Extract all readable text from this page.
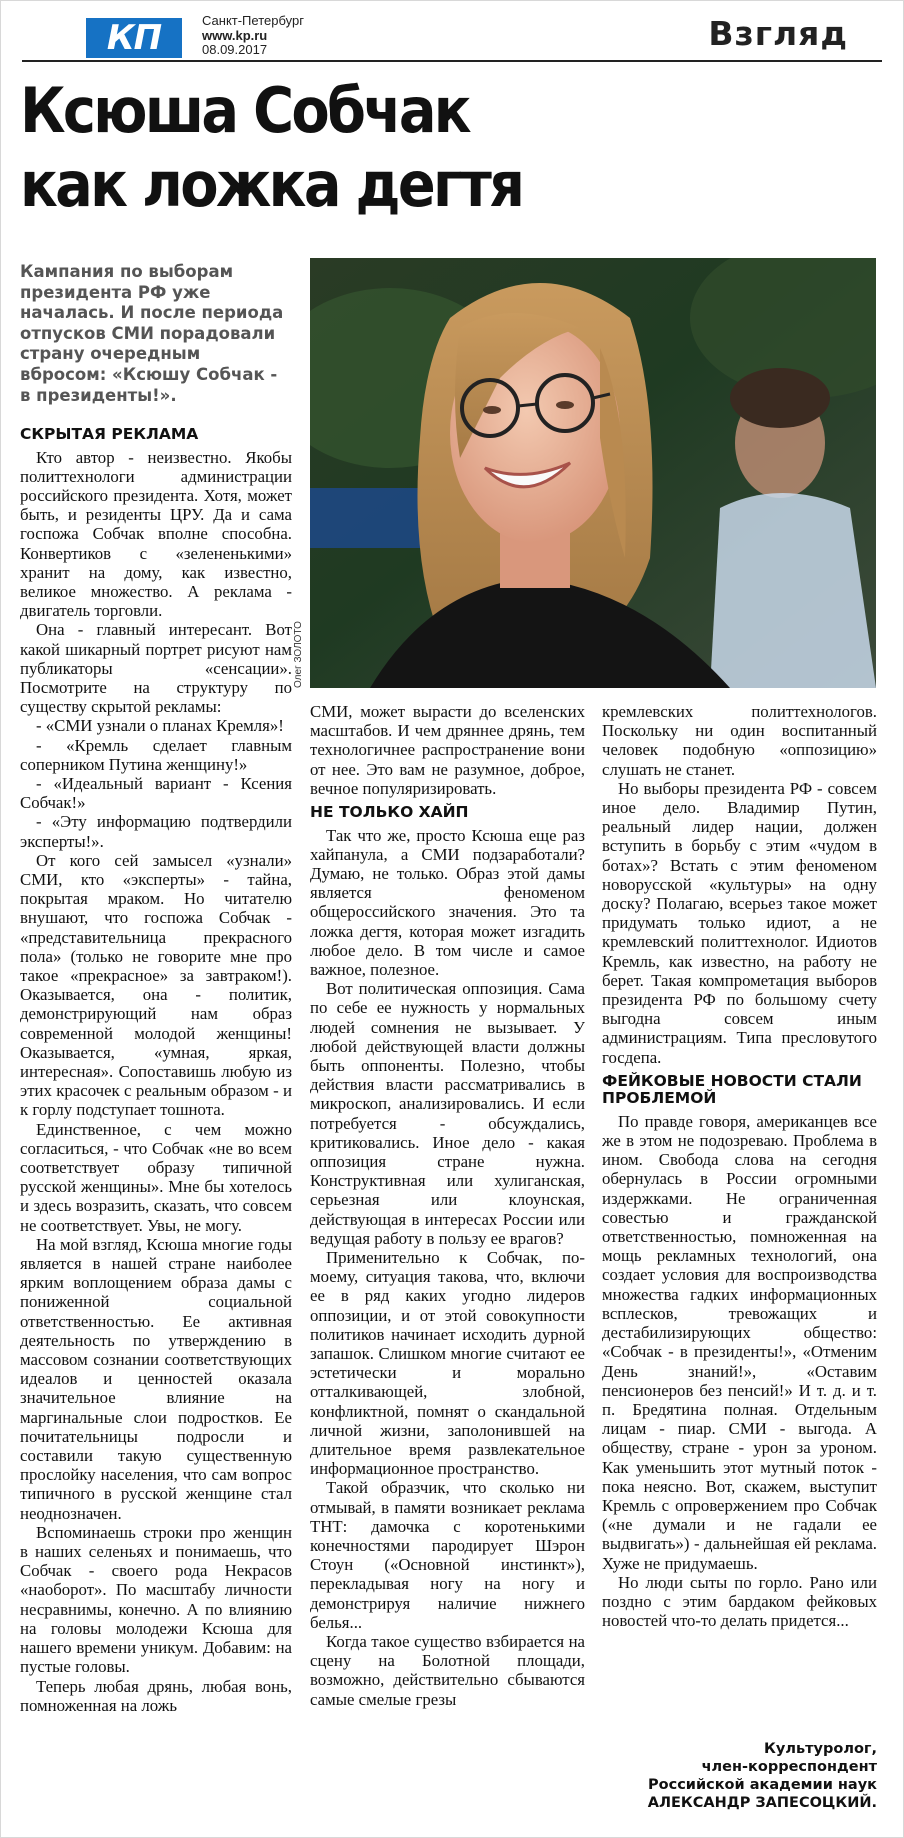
КП	Санкт-Петербург
www.kp.ru
08.09.2017	Взгляд
Ксюша Собчак
как ложка дегтя
Кампания по выборам президента РФ уже началась. И после периода отпусков СМИ порадовали страну очередным вбросом: «Ксюшу Собчак - в президенты!».
Олег ЗОЛОТО
СКРЫТАЯ РЕКЛАМА

Кто автор - неизвестно. Якобы политтехнологи администрации российского президента. Хотя, может быть, и резиденты ЦРУ. Да и сама госпожа Собчак вполне способна. Конвертиков с «зелененькими» хранит на дому, как известно, великое множество. А реклама - двигатель торговли.

Она - главный интересант. Вот какой шикарный портрет рисуют нам публикаторы «сенсации». Посмотрите на структуру по существу скрытой рекламы:

- «СМИ узнали о планах Кремля»!

- «Кремль сделает главным соперником Путина женщину!»

- «Идеальный вариант - Ксения Собчак!»

- «Эту информацию подтвердили эксперты!».

От кого сей замысел «узнали» СМИ, кто «эксперты» - тайна, покрытая мраком. Но читателю внушают, что госпожа Собчак - «представительница прекрасного пола» (только не говорите мне про такое «прекрасное» за завтраком!). Оказывается, она - политик, демонстрирующий нам образ современной молодой женщины! Оказывается, «умная, яркая, интересная». Сопоставишь любую из этих красочек с реальным образом - и к горлу подступает тошнота.

Единственное, с чем можно согласиться, - что Собчак «не во всем соответствует образу типичной русской женщины». Мне бы хотелось и здесь возразить, сказать, что совсем не соответствует. Увы, не могу.

На мой взгляд, Ксюша многие годы является в нашей стране наиболее ярким воплощением образа дамы с пониженной социальной ответственностью. Ее активная деятельность по утверждению в массовом сознании соответствующих идеалов и ценностей оказала значительное влияние на маргинальные слои подростков. Ее почитательницы подросли и составили такую существенную прослойку населения, что сам вопрос типичного в русской женщине стал неоднозначен.

Вспоминаешь строки про женщин в наших селеньях и понимаешь, что Собчак - своего рода Некрасов «наоборот». По масштабу личности несравнимы, конечно. А по влиянию на головы молодежи Ксюша для нашего времени уникум. Добавим: на пустые головы.

Теперь любая дрянь, любая вонь, помноженная на ложь

СМИ, может вырасти до вселенских масштабов. И чем дряннее дрянь, тем технологичнее распространение вони от нее. Это вам не разумное, доброе, вечное популяризировать.

НЕ ТОЛЬКО ХАЙП

Так что же, просто Ксюша еще раз хайпанула, а СМИ подзаработали? Думаю, не только. Образ этой дамы является феноменом общероссийского значения. Это та ложка дегтя, которая может изгадить любое дело. В том числе и самое важное, полезное.

Вот политическая оппозиция. Сама по себе ее нужность у нормальных людей сомнения не вызывает. У любой действующей власти должны быть оппоненты. Полезно, чтобы действия власти рассматривались в микроскоп, анализировались. И если потребуется - обсуждались, критиковались. Иное дело - какая оппозиция стране нужна. Конструктивная или хулиганская, серьезная или клоунская, действующая в интересах России или ведущая работу в пользу ее врагов?

Применительно к Собчак, по-моему, ситуация такова, что, включи ее в ряд каких угодно лидеров оппозиции, и от этой совокупности политиков начинает исходить дурной запашок. Слишком многие считают ее эстетически и морально отталкивающей, злобной, конфликтной, помнят о скандальной личной жизни, заполонившей на длительное время развлекательное информационное пространство.

Такой образчик, что сколько ни отмывай, в памяти возникает реклама ТНТ: дамочка с коротенькими конечностями пародирует Шэрон Стоун («Основной инстинкт»), перекладывая ногу на ногу и демонстрируя наличие нижнего белья...

Когда такое существо взбирается на сцену на Болотной площади, возможно, действительно сбываются самые смелые грезы

кремлевских политтехнологов. Поскольку ни один воспитанный человек подобную «оппозицию» слушать не станет.

Но выборы президента РФ - совсем иное дело. Владимир Путин, реальный лидер нации, должен вступить в борьбу с этим «чудом в ботах»? Встать с этим феноменом новорусской «культуры» на одну доску? Полагаю, всерьез такое может придумать только идиот, а не кремлевский политтехнолог. Идиотов Кремль, как известно, на работу не берет. Такая компрометация выборов президента РФ по большому счету выгодна совсем иным администрациям. Типа пресловутого госдепа.

ФЕЙКОВЫЕ НОВОСТИ СТАЛИ ПРОБЛЕМОЙ

По правде говоря, американцев все же в этом не подозреваю. Проблема в ином. Свобода слова на сегодня обернулась в России огромными издержками. Не ограниченная совестью и гражданской ответственностью, помноженная на мощь рекламных технологий, она создает условия для воспроизводства множества гадких информационных всплесков, тревожащих и дестабилизирующих общество: «Собчак - в президенты!», «Отменим День знаний!», «Оставим пенсионеров без пенсий!» И т. д. и т. п. Бредятина полная. Отдельным лицам - пиар. СМИ - выгода. А обществу, стране - урон за уроном. Как уменьшить этот мутный поток - пока неясно. Вот, скажем, выступит Кремль с опровержением про Собчак («не думали и не гадали ее выдвигать») - дальнейшая ей реклама. Хуже не придумаешь.

Но люди сыты по горло. Рано или поздно с этим бардаком фейковых новостей что-то делать придется...

Культуролог,
член-корреспондент
Российской академии наук
АЛЕКСАНДР ЗАПЕСОЦКИЙ.
